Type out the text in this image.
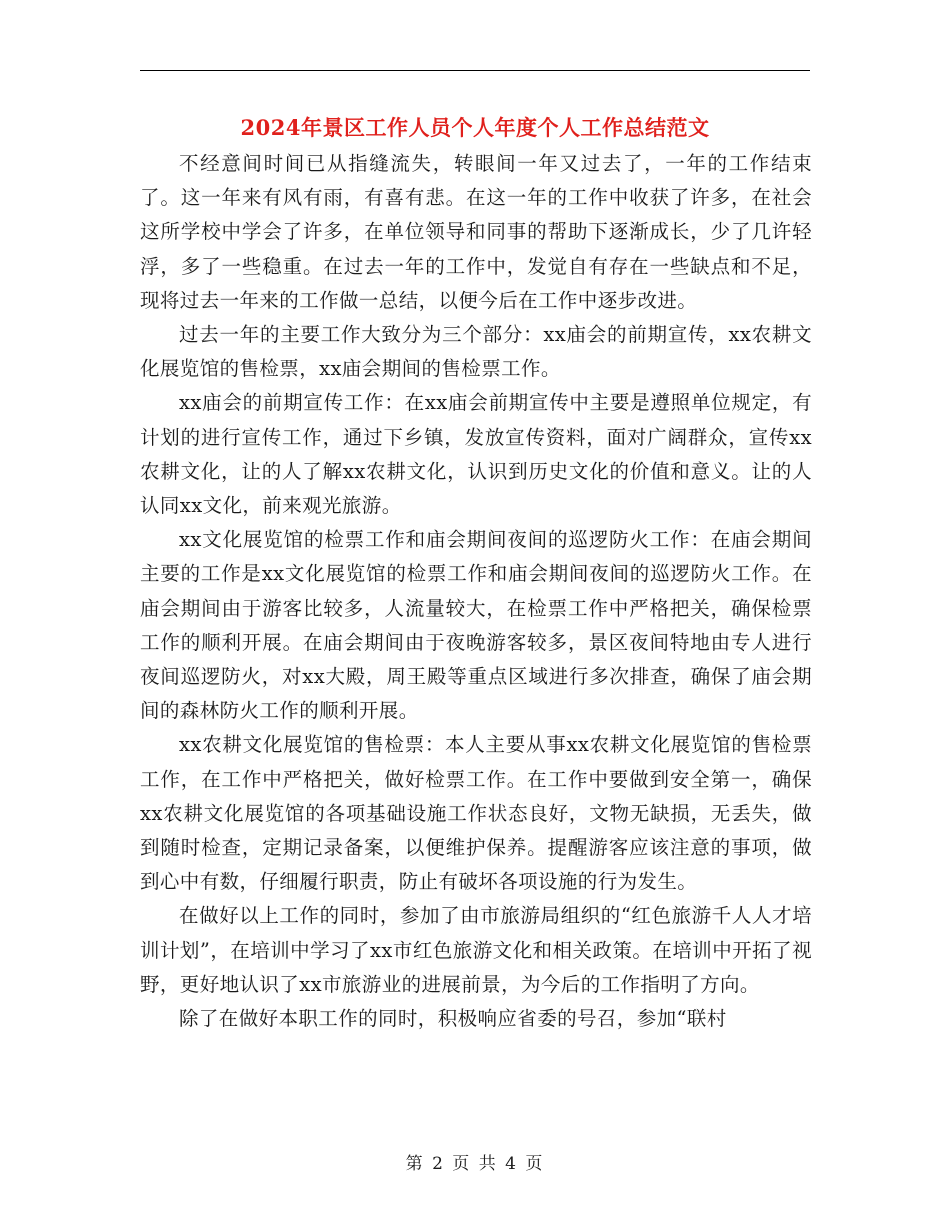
2024年景区工作人员个人年度个人工作总结范文

不经意间时间已从指缝流失，转眼间一年又过去了，一年的工作结束了。这一年来有风有雨，有喜有悲。在这一年的工作中收获了许多，在社会这所学校中学会了许多，在单位领导和同事的帮助下逐渐成长，少了几许轻浮，多了一些稳重。在过去一年的工作中，发觉自有存在一些缺点和不足，现将过去一年来的工作做一总结，以便今后在工作中逐步改进。

过去一年的主要工作大致分为三个部分：xx庙会的前期宣传，xx农耕文化展览馆的售检票，xx庙会期间的售检票工作。

xx庙会的前期宣传工作：在xx庙会前期宣传中主要是遵照单位规定，有计划的进行宣传工作，通过下乡镇，发放宣传资料，面对广阔群众，宣传xx农耕文化，让的人了解xx农耕文化，认识到历史文化的价值和意义。让的人认同xx文化，前来观光旅游。

xx文化展览馆的检票工作和庙会期间夜间的巡逻防火工作：在庙会期间主要的工作是xx文化展览馆的检票工作和庙会期间夜间的巡逻防火工作。在庙会期间由于游客比较多，人流量较大，在检票工作中严格把关，确保检票工作的顺利开展。在庙会期间由于夜晚游客较多，景区夜间特地由专人进行夜间巡逻防火，对xx大殿，周王殿等重点区域进行多次排查，确保了庙会期间的森林防火工作的顺利开展。

xx农耕文化展览馆的售检票：本人主要从事xx农耕文化展览馆的售检票工作，在工作中严格把关，做好检票工作。在工作中要做到安全第一，确保xx农耕文化展览馆的各项基础设施工作状态良好，文物无缺损，无丢失，做到随时检查，定期记录备案，以便维护保养。提醒游客应该注意的事项，做到心中有数，仔细履行职责，防止有破坏各项设施的行为发生。

在做好以上工作的同时，参加了由市旅游局组织的“红色旅游千人人才培训计划”，在培训中学习了xx市红色旅游文化和相关政策。在培训中开拓了视野，更好地认识了xx市旅游业的进展前景，为今后的工作指明了方向。

除了在做好本职工作的同时，积极响应省委的号召，参加“联村

第 2 页 共 4 页
